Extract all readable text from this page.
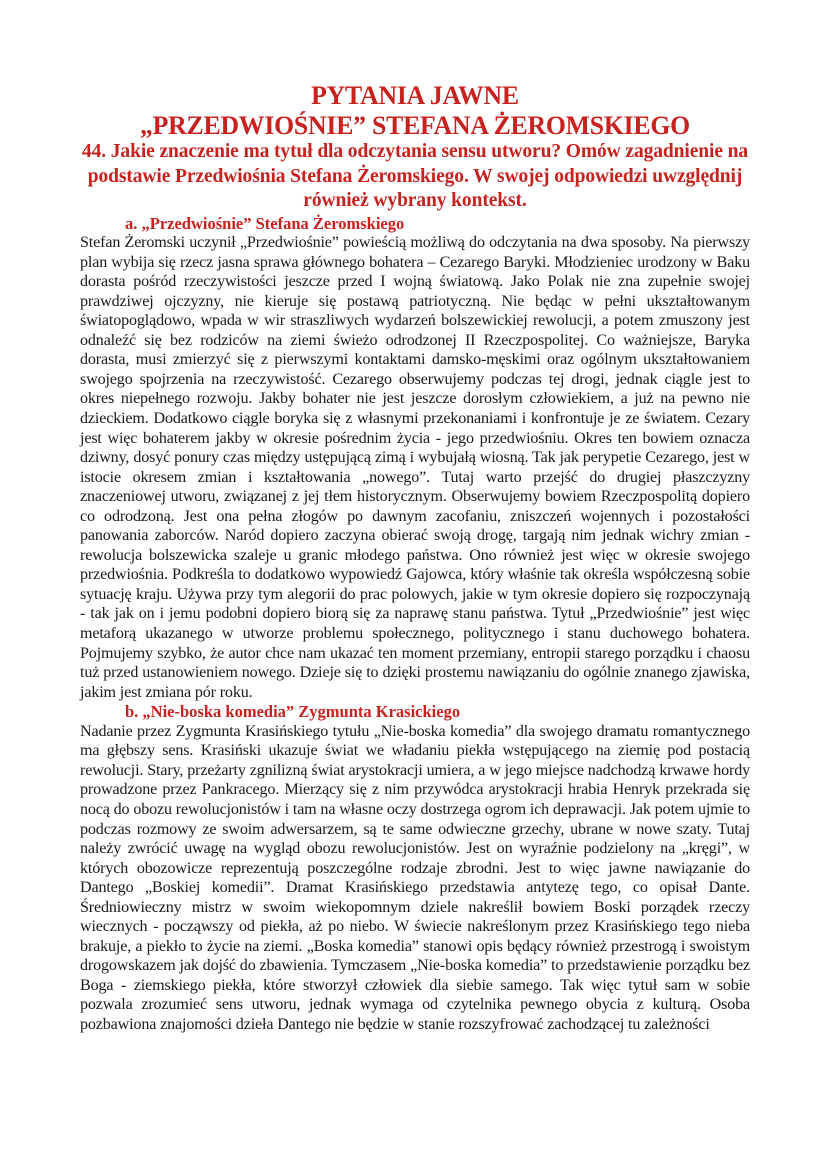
PYTANIA JAWNE
„PRZEDWIOŚNIE” STEFANA ŻEROMSKIEGO
44. Jakie znaczenie ma tytuł dla odczytania sensu utworu? Omów zagadnienie na podstawie Przedwiośnia Stefana Żeromskiego. W swojej odpowiedzi uwzględnij również wybrany kontekst.
a. „Przedwiośnie” Stefana Żeromskiego

Stefan Żeromski uczynił „Przedwiośnie” powieścią możliwą do odczytania na dwa sposoby. Na pierwszy plan wybija się rzecz jasna sprawa głównego bohatera – Cezarego Baryki. Młodzieniec urodzony w Baku dorasta pośród rzeczywistości jeszcze przed I wojną światową. Jako Polak nie zna zupełnie swojej prawdziwej ojczyzny, nie kieruje się postawą patriotyczną. Nie będąc w pełni ukształtowanym światopoglądowo, wpada w wir straszliwych wydarzeń bolszewickiej rewolucji, a potem zmuszony jest odnaleźć się bez rodziców na ziemi świeżo odrodzonej II Rzeczpospolitej. Co ważniejsze, Baryka dorasta, musi zmierzyć się z pierwszymi kontaktami damsko-męskimi oraz ogólnym ukształtowaniem swojego spojrzenia na rzeczywistość. Cezarego obserwujemy podczas tej drogi, jednak ciągle jest to okres niepełnego rozwoju. Jakby bohater nie jest jeszcze dorosłym człowiekiem, a już na pewno nie dzieckiem. Dodatkowo ciągle boryka się z własnymi przekonaniami i konfrontuje je ze światem. Cezary jest więc bohaterem jakby w okresie pośrednim życia - jego przedwiośniu. Okres ten bowiem oznacza dziwny, dosyć ponury czas między ustępującą zimą i wybujałą wiosną. Tak jak perypetie Cezarego, jest w istocie okresem zmian i kształtowania „nowego”. Tutaj warto przejść do drugiej płaszczyzny znaczeniowej utworu, związanej z jej tłem historycznym. Obserwujemy bowiem Rzeczpospolitą dopiero co odrodzoną. Jest ona pełna złogów po dawnym zacofaniu, zniszczeń wojennych i pozostałości panowania zaborców. Naród dopiero zaczyna obierać swoją drogę, targają nim jednak wichry zmian - rewolucja bolszewicka szaleje u granic młodego państwa. Ono również jest więc w okresie swojego przedwiośnia. Podkreśla to dodatkowo wypowiedź Gajowca, który właśnie tak określa współczesną sobie sytuację kraju. Używa przy tym alegorii do prac polowych, jakie w tym okresie dopiero się rozpoczynają - tak jak on i jemu podobni dopiero biorą się za naprawę stanu państwa. Tytuł „Przedwiośnie” jest więc metaforą ukazanego w utworze problemu społecznego, politycznego i stanu duchowego bohatera. Pojmujemy szybko, że autor chce nam ukazać ten moment przemiany, entropii starego porządku i chaosu tuż przed ustanowieniem nowego. Dzieje się to dzięki prostemu nawiązaniu do ogólnie znanego zjawiska, jakim jest zmiana pór roku.

b. „Nie-boska komedia” Zygmunta Krasickiego

Nadanie przez Zygmunta Krasińskiego tytułu „Nie-boska komedia” dla swojego dramatu romantycznego ma głębszy sens. Krasiński ukazuje świat we władaniu piekła wstępującego na ziemię pod postacią rewolucji. Stary, przeżarty zgnilizną świat arystokracji umiera, a w jego miejsce nadchodzą krwawe hordy prowadzone przez Pankracego. Mierzący się z nim przywódca arystokracji hrabia Henryk przekrada się nocą do obozu rewolucjonistów i tam na własne oczy dostrzega ogrom ich deprawacji. Jak potem ujmie to podczas rozmowy ze swoim adwersarzem, są te same odwieczne grzechy, ubrane w nowe szaty. Tutaj należy zwrócić uwagę na wygląd obozu rewolucjonistów. Jest on wyraźnie podzielony na „kręgi”, w których obozowicze reprezentują poszczególne rodzaje zbrodni. Jest to więc jawne nawiązanie do Dantego „Boskiej komedii”. Dramat Krasińskiego przedstawia antytezę tego, co opisał Dante. Średniowieczny mistrz w swoim wiekopomnym dziele nakreślił bowiem Boski porządek rzeczy wiecznych - począwszy od piekła, aż po niebo. W świecie nakreślonym przez Krasińskiego tego nieba brakuje, a piekło to życie na ziemi. „Boska komedia” stanowi opis będący również przestrogą i swoistym drogowskazem jak dojść do zbawienia. Tymczasem „Nie-boska komedia” to przedstawienie porządku bez Boga - ziemskiego piekła, które stworzył człowiek dla siebie samego. Tak więc tytuł sam w sobie pozwala zrozumieć sens utworu, jednak wymaga od czytelnika pewnego obycia z kulturą. Osoba pozbawiona znajomości dzieła Dantego nie będzie w stanie rozszyfrować zachodzącej tu zależności
